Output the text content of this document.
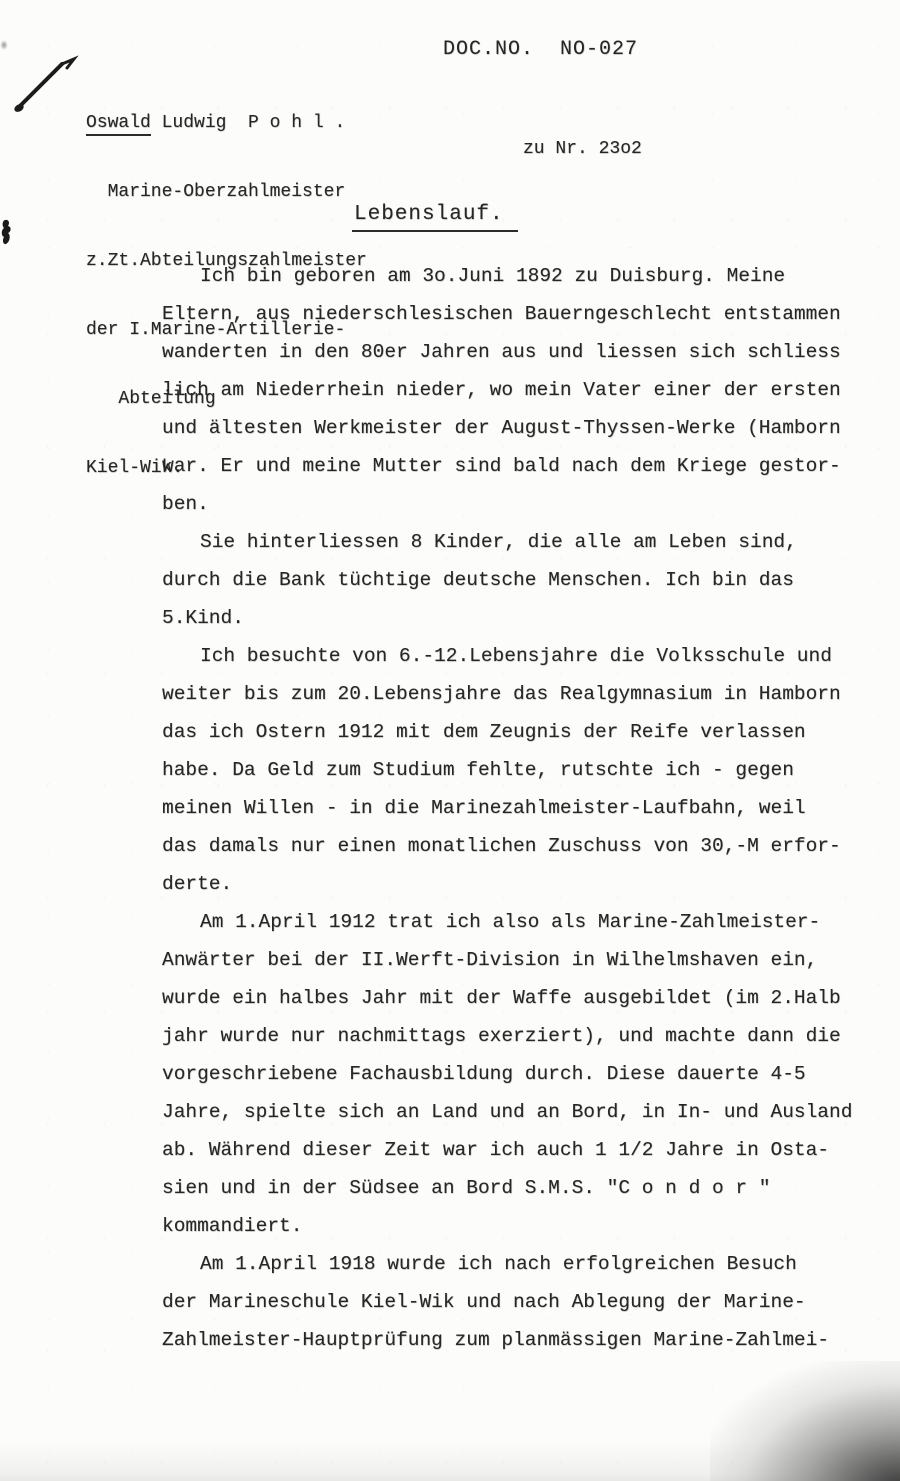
DOC.NO.  NO-027

Oswald Ludwig  P o h l .

Marine-Oberzahlmeister

z.Zt.Abteilungszahlmeister

der I.Marine-Artillerie-

Abteilung

Kiel-Wik.

zu Nr. 23o2
Lebenslauf.
Ich bin geboren am 3o.Juni 1892 zu Duisburg. Meine
Eltern, aus niederschlesischen Bauerngeschlecht entstammen
wanderten in den 80er Jahren aus und liessen sich schliess
lich am Niederrhein nieder, wo mein Vater einer der ersten
und ältesten Werkmeister der August-Thyssen-Werke (Hamborn
war. Er und meine Mutter sind bald nach dem Kriege gestor-
ben.
Sie hinterliessen 8 Kinder, die alle am Leben sind,
durch die Bank tüchtige deutsche Menschen. Ich bin das
5.Kind.
Ich besuchte von 6.-12.Lebensjahre die Volksschule und
weiter bis zum 20.Lebensjahre das Realgymnasium in Hamborn
das ich Ostern 1912 mit dem Zeugnis der Reife verlassen
habe. Da Geld zum Studium fehlte, rutschte ich - gegen
meinen Willen - in die Marinezahlmeister-Laufbahn, weil
das damals nur einen monatlichen Zuschuss von 30,-M erfor-
derte.
Am 1.April 1912 trat ich also als Marine-Zahlmeister-
Anwärter bei der II.Werft-Division in Wilhelmshaven ein,
wurde ein halbes Jahr mit der Waffe ausgebildet (im 2.Halb
jahr wurde nur nachmittags exerziert), und machte dann die
vorgeschriebene Fachausbildung durch. Diese dauerte 4-5
Jahre, spielte sich an Land und an Bord, in In- und Ausland
ab. Während dieser Zeit war ich auch 1 1/2 Jahre in Osta-
sien und in der Südsee an Bord S.M.S. "C o n d o r "
kommandiert.
Am 1.April 1918 wurde ich nach erfolgreichen Besuch
der Marineschule Kiel-Wik und nach Ablegung der Marine-
Zahlmeister-Hauptprüfung zum planmässigen Marine-Zahlmei-
